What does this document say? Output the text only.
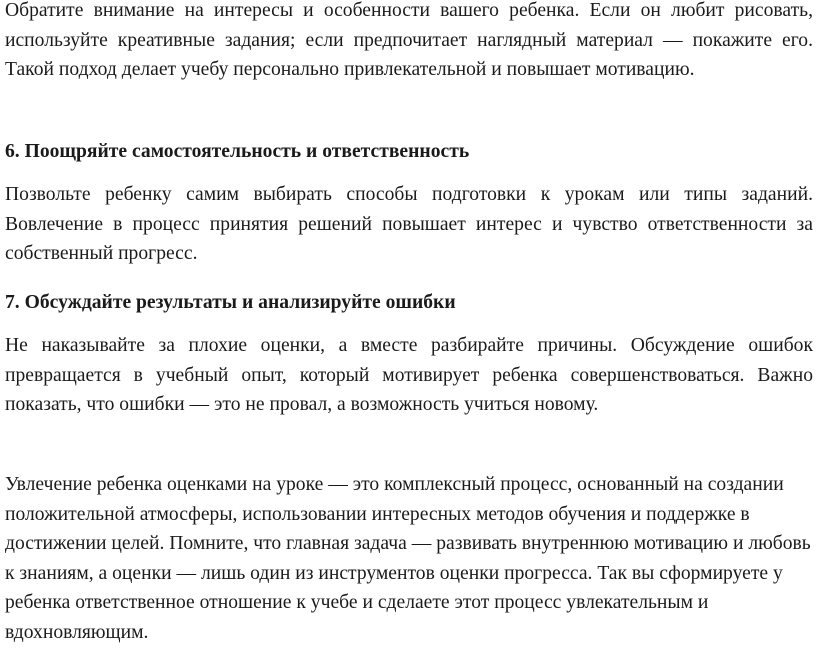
Обратите внимание на интересы и особенности вашего ребенка. Если он любит рисовать, используйте креативные задания; если предпочитает наглядный материал — покажите его. Такой подход делает учебу персонально привлекательной и повышает мотивацию.

6. Поощряйте самостоятельность и ответственность

Позвольте ребенку самим выбирать способы подготовки к урокам или типы заданий. Вовлечение в процесс принятия решений повышает интерес и чувство ответственности за собственный прогресс.

7. Обсуждайте результаты и анализируйте ошибки

Не наказывайте за плохие оценки, а вместе разбирайте причины. Обсуждение ошибок превращается в учебный опыт, который мотивирует ребенка совершенствоваться. Важно показать, что ошибки — это не провал, а возможность учиться новому.

Увлечение ребенка оценками на уроке — это комплексный процесс, основанный на создании положительной атмосферы, использовании интересных методов обучения и поддержке в достижении целей. Помните, что главная задача — развивать внутреннюю мотивацию и любовь к знаниям, а оценки — лишь один из инструментов оценки прогресса. Так вы сформируете у ребенка ответственное отношение к учебе и сделаете этот процесс увлекательным и вдохновляющим.
